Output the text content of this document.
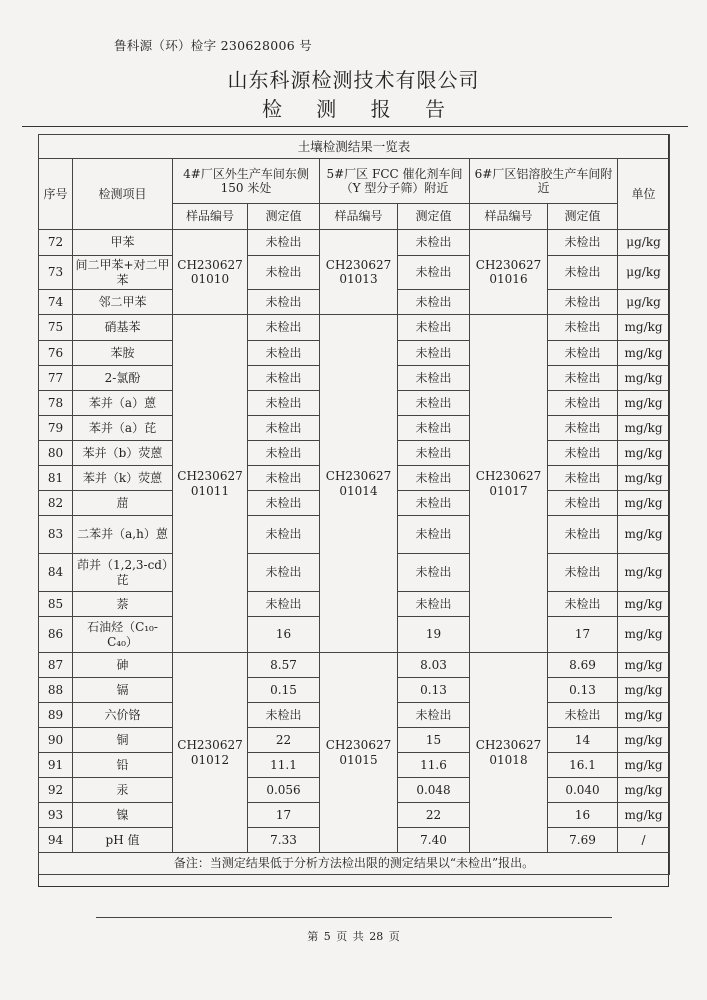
鲁科源（环）检字 230628006 号
山东科源检测技术有限公司
检 测 报 告
土壤检测结果一览表								
序号	检测项目	4#厂区外生产车间东侧150 米处		5#厂区 FCC 催化剂车间（Y 型分子筛）附近		6#厂区铝溶胶生产车间附近		单位
		样品编号	测定值	样品编号	测定值	样品编号	测定值	
72	甲苯	CH230627 01010	未检出	CH230627 01013	未检出	CH230627 01016	未检出	μg/kg
73	间二甲苯+对二甲苯		未检出		未检出		未检出	μg/kg
74	邻二甲苯		未检出		未检出		未检出	μg/kg
75	硝基苯	CH230627 01011	未检出	CH230627 01014	未检出	CH230627 01017	未检出	mg/kg
76	苯胺		未检出		未检出		未检出	mg/kg
77	2-氯酚		未检出		未检出		未检出	mg/kg
78	苯并（a）蒽		未检出		未检出		未检出	mg/kg
79	苯并（a）芘		未检出		未检出		未检出	mg/kg
80	苯并（b）荧蒽		未检出		未检出		未检出	mg/kg
81	苯并（k）荧蒽		未检出		未检出		未检出	mg/kg
82	䓛		未检出		未检出		未检出	mg/kg
83	二苯并（a,h）蒽		未检出		未检出		未检出	mg/kg
84	茚并（1,2,3-cd）芘		未检出		未检出		未检出	mg/kg
85	萘		未检出		未检出		未检出	mg/kg
86	石油烃（C₁₀-C₄₀）		16		19		17	mg/kg
87	砷	CH230627 01012	8.57	CH230627 01015	8.03	CH230627 01018	8.69	mg/kg
88	镉		0.15		0.13		0.13	mg/kg
89	六价铬		未检出		未检出		未检出	mg/kg
90	铜		22		15		14	mg/kg
91	铅		11.1		11.6		16.1	mg/kg
92	汞		0.056		0.048		0.040	mg/kg
93	镍		17		22		16	mg/kg
94	pH 值		7.33		7.40		7.69	/
备注：当测定结果低于分析方法检出限的测定结果以“未检出”报出。								
第 5 页 共 28 页
